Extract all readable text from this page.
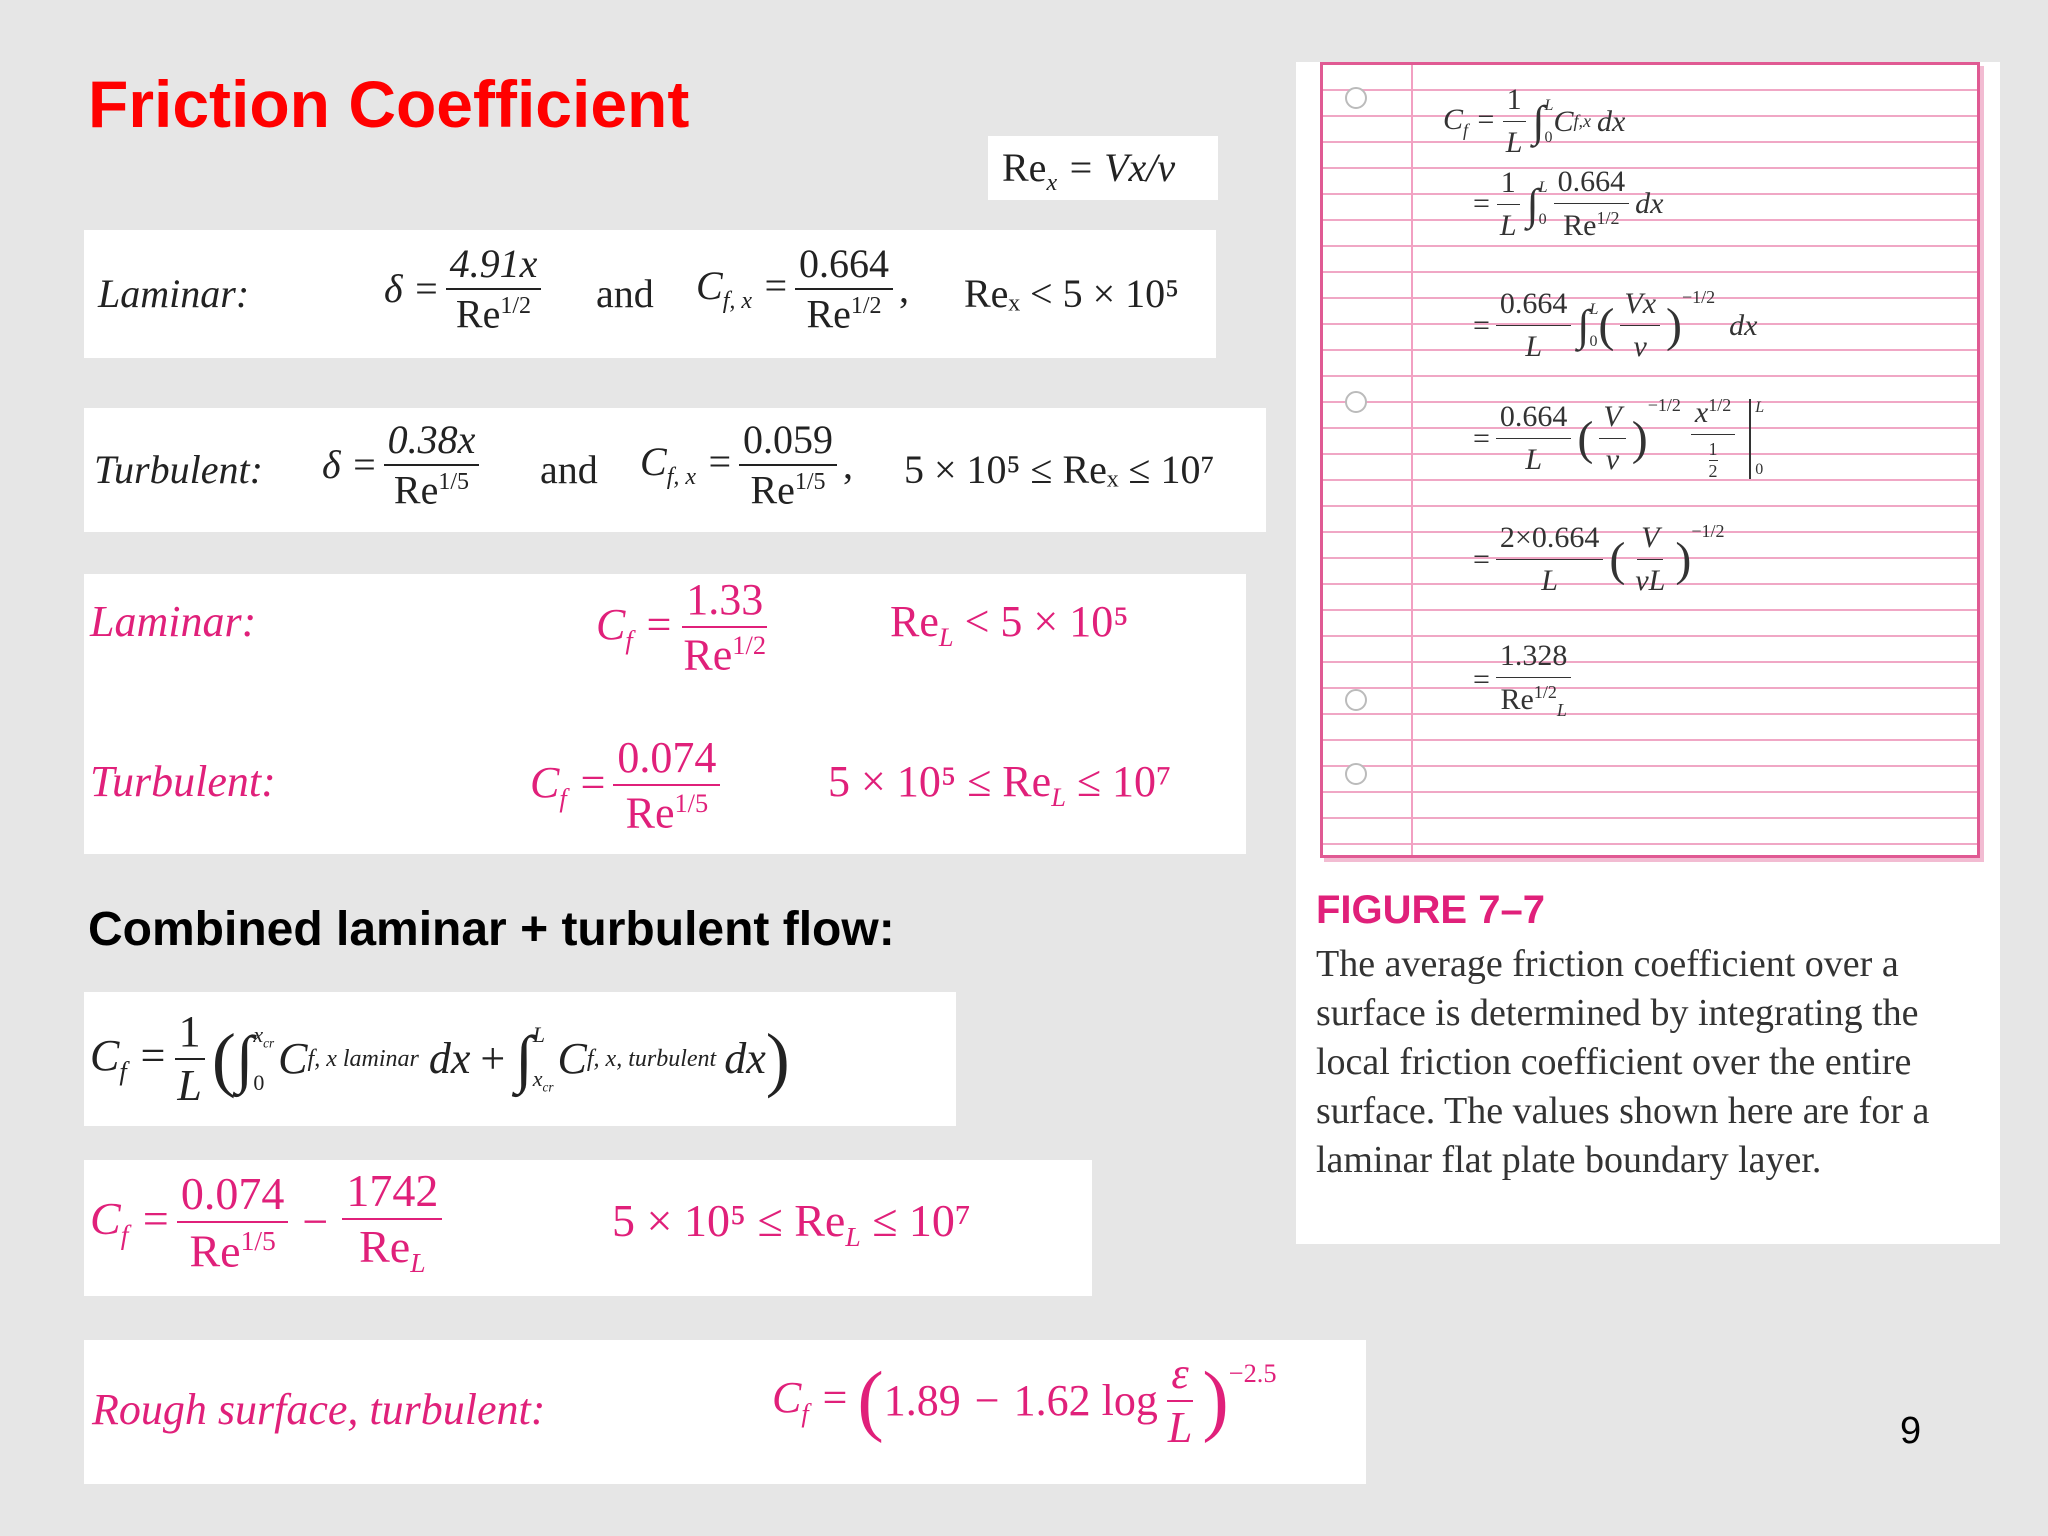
Friction Coefficient
$Re_x = Vx/\nu$
Laminar:	$\delta = \frac{4.91x}{Re^{1/2}}$ and $C_{f, x} = \frac{0.664}{Re^{1/2}}$ , Reₓ < 5 × 10⁵
Turbulent: $\delta = \frac{0.38x}{Re^{1/5}}$ and $C_{f, x} = \frac{0.059}{Re^{1/5}}$ , 5 × 10⁵ ≤ Reₓ ≤ 10⁷
Laminar:	$C_f = \frac{1.33}{Re^{1/2}}$	$Re_L < 5 \times 10^5$
Turbulent:	$C_f = \frac{0.074}{Re^{1/5}} 5 \times 10^5 \le Re_L \le 10^7$
Combined laminar + turbulent flow:
$C_f = \frac{1}{L}$ ( ∫ $x_{cr}$
0 C f, x laminar dx + ∫ L
$x_{cr}$
C f, x, turbulent dx )
$C_f = \frac{0.074}{Re^{1/5}} - \frac{1742}{Re_L}$	$5 \times 10^5 \le Re_L \le 10^7$
Rough surface, turbulent:	$C_f$ = ( 1.89 − 1.62 $\log \frac{\varepsilon}{L} )^{-2.5}$
$C_f = \frac{1}{L}$ ∫ L
0 C f,x dx
= $\frac{1}{L}$ ∫ L
$0 \frac{0.664}{Re^{1/2}}$ dx
= $\frac{0.664}{L}$ ∫ L
0 ( $\frac{Vx}{\nu}$ )
$^{-1/2}$
dx
= $\frac{0.664}{L}$ ( $\frac{V}{\nu}$ )
$^{-1/2}$ $x^{1/2}$
1
2 L
0
= $\frac{2\times 0.664}{L}$ ( $\frac{V}{\nu L}$ )
$^{-1/2}$
= $\frac{1.328}{Re^{1/2}_L}$
FIGURE 7–7
The average friction coefficient over a surface is determined by integrating the local friction coefficient over the entire surface. The values shown here are for a laminar flat plate boundary layer.
9
